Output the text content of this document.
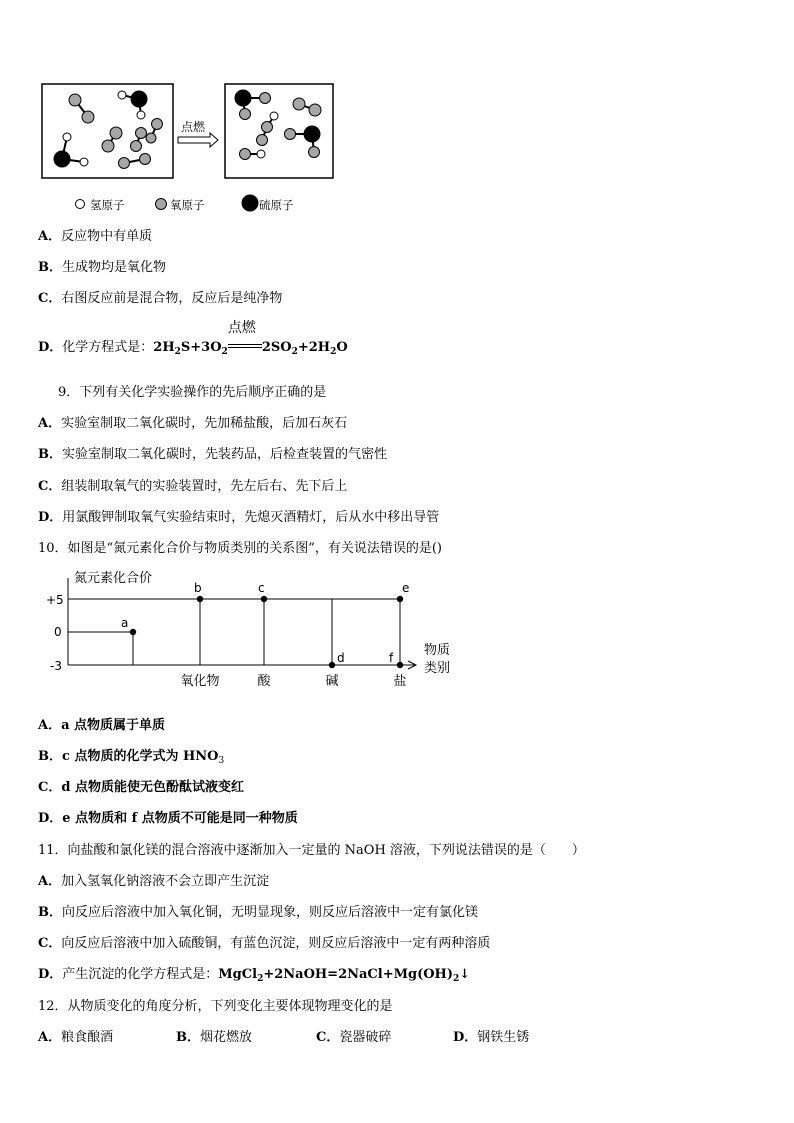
点燃
氢原子	氧原子	硫原子
A．反应物中有单质
B．生成物均是氧化物
C．右图反应前是混合物，反应后是纯净物
D．化学方程式是：$2H_2S+3O_2$
点燃
$2SO_2+2H_2O$
9．下列有关化学实验操作的先后顺序正确的是
A．实验室制取二氧化碳时，先加稀盐酸，后加石灰石
B．实验室制取二氧化碳时，先装药品，后检查装置的气密性
C．组装制取氧气的实验装置时，先左后右、先下后上
D．用氯酸钾制取氧气实验结束时，先熄灭酒精灯，后从水中移出导管
10．如图是“氮元素化合价与物质类别的关系图”，有关说法错误的是()
氮元素化合价
物质
类别
+5
0
-3
氧化物	酸	碱	盐
a
b	c
d
e
f
A．a 点物质属于单质
B．c 点物质的化学式为 $HNO_3$
C．d 点物质能使无色酚酞试液变红
D．e 点物质和 f 点物质不可能是同一种物质
11．向盐酸和氯化镁的混合溶液中逐渐加入一定量的 NaOH 溶液，下列说法错误的是（　　）
A．加入氢氧化钠溶液不会立即产生沉淀
B．向反应后溶液中加入氧化铜，无明显现象，则反应后溶液中一定有氯化镁
C．向反应后溶液中加入硫酸铜，有蓝色沉淀，则反应后溶液中一定有两种溶质
D．产生沉淀的化学方程式是：$MgCl_2+2NaOH=2NaCl+Mg(OH)_2↓$
12．从物质变化的角度分析，下列变化主要体现物理变化的是
A．粮食酿酒	B．烟花燃放	C．瓷器破碎	D．钢铁生锈
